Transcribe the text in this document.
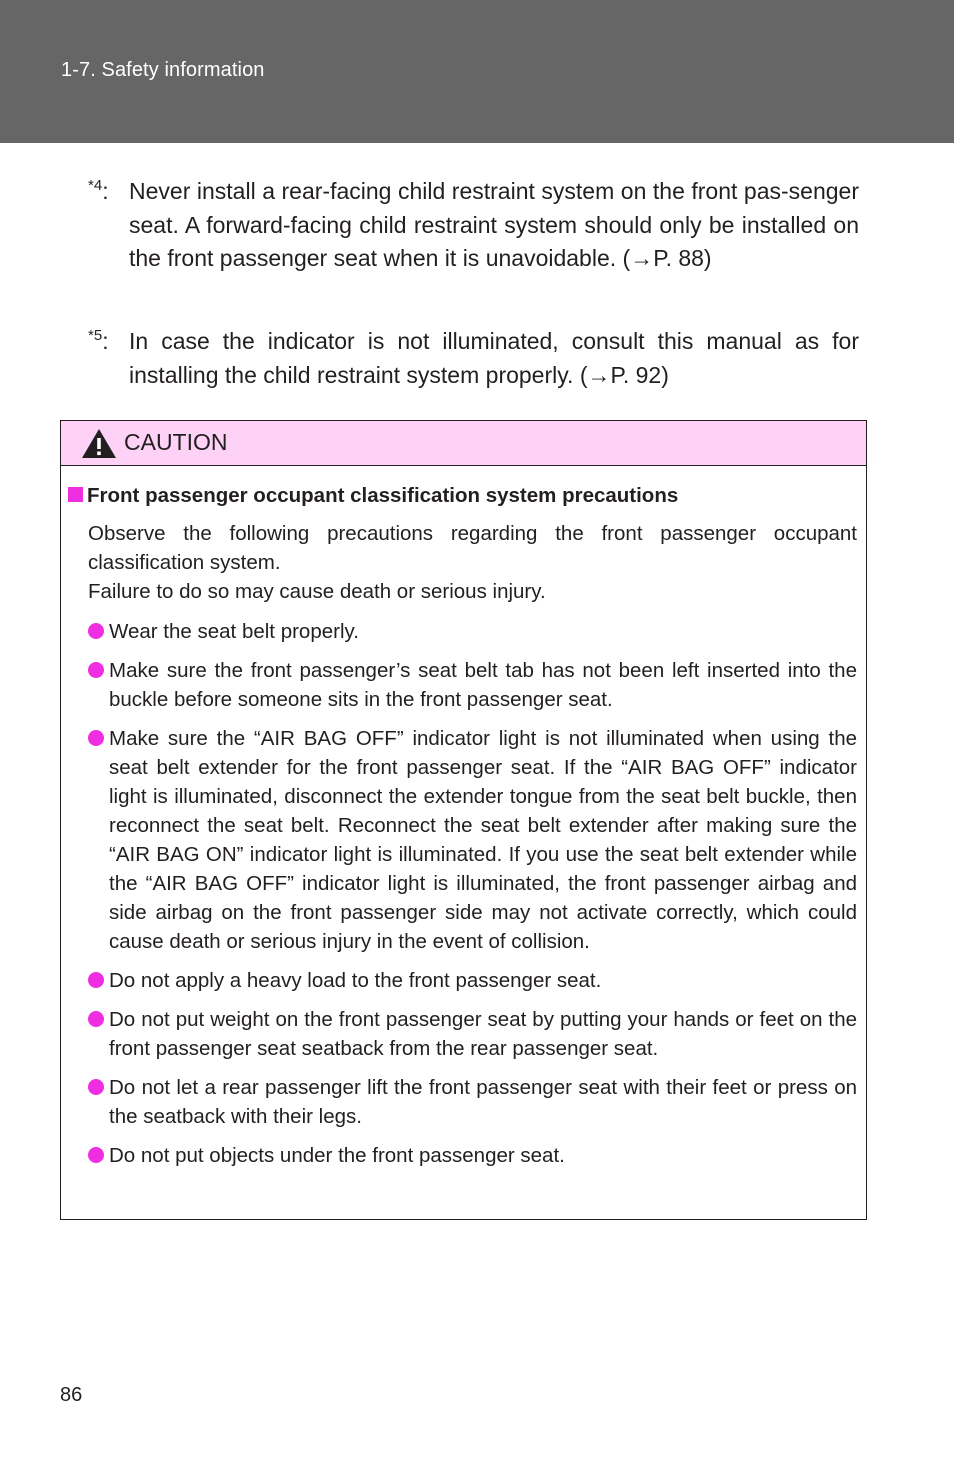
1-7. Safety information
$^{*4}$: Never install a rear-facing child restraint system on the front pas-senger seat. A forward-facing child restraint system should only be installed on the front passenger seat when it is unavoidable. (→P. 88)
$^{*5}$: In case the indicator is not illuminated, consult this manual as for installing the child restraint system properly. (→P. 92)
CAUTION
Front passenger occupant classification system precautions
Observe the following precautions regarding the front passenger occupant classification system.
Failure to do so may cause death or serious injury.
Wear the seat belt properly.
Make sure the front passenger’s seat belt tab has not been left inserted into the buckle before someone sits in the front passenger seat.
Make sure the “AIR BAG OFF” indicator light is not illuminated when using the seat belt extender for the front passenger seat. If the “AIR BAG OFF” indicator light is illuminated, disconnect the extender tongue from the seat belt buckle, then reconnect the seat belt. Reconnect the seat belt extender after making sure the “AIR BAG ON” indicator light is illuminated. If you use the seat belt extender while the “AIR BAG OFF” indicator light is illuminated, the front passenger airbag and side airbag on the front passenger side may not activate correctly, which could cause death or serious injury in the event of collision.
Do not apply a heavy load to the front passenger seat.
Do not put weight on the front passenger seat by putting your hands or feet on the front passenger seat seatback from the rear passenger seat.
Do not let a rear passenger lift the front passenger seat with their feet or press on the seatback with their legs.
Do not put objects under the front passenger seat.
86
